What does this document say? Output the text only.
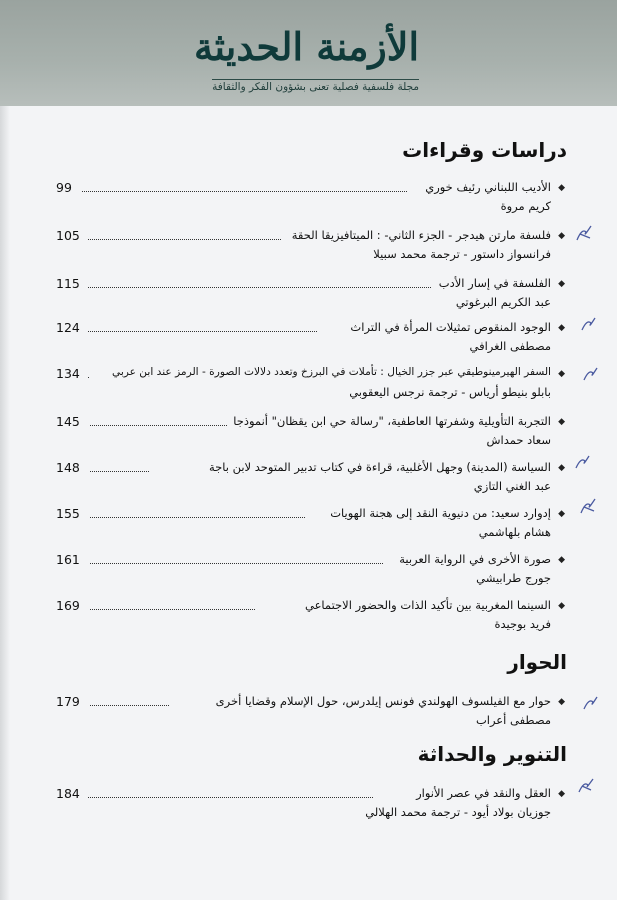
الأزمنة الحديثة
مجلة فلسفية فصلية تعنى بشؤون الفكر والثقافة
دراسات وقراءات
◆
الأديب اللبناني رئيف خوري
كريم مروة
99
◆
فلسفة مارتن هيدجر - الجزء الثاني- : الميتافيزيقا الحقة
فرانسواز داستور - ترجمة محمد سبيلا
105
◆
الفلسفة في إسار الأدب
عبد الكريم البرغوتي
115
◆
الوجود المنقوص تمثيلات المرأة في التراث
مصطفى الغرافي
124
◆
السفر الهيرمينوطيقي عبر جزر الخيال : تأملات في البرزخ وتعدد دلالات الصورة - الرمز عند ابن عربي
بابلو بنيطو أرياس - ترجمة نرجس اليعقوبي
134
◆
التجربة التأويلية وشفرتها العاطفية، "رسالة حي ابن يقظان" أنموذجا
سعاد حمداش
145
◆
السياسة (المدينة) وجهل الأغلبية، قراءة في كتاب تدبير المتوحد لابن باجة
عبد الغني التازي
148
◆
إدوارد سعيد: من دنيوية النقد إلى هجنة الهويات
هشام بلهاشمي
155
◆
صورة الأخرى في الرواية العربية
جورج طرابيشي
161
◆
السينما المغربية بين تأكيد الذات والحضور الاجتماعي
فريد بوجيدة
169
الحوار
◆
حوار مع الفيلسوف الهولندي فونس إيلدرس، حول الإسلام وقضايا أخرى
مصطفى أعراب
179
التنوير والحداثة
◆
العقل والنقد في عصر الأنوار
جوزيان بولاد أيود - ترجمة محمد الهلالي
184
